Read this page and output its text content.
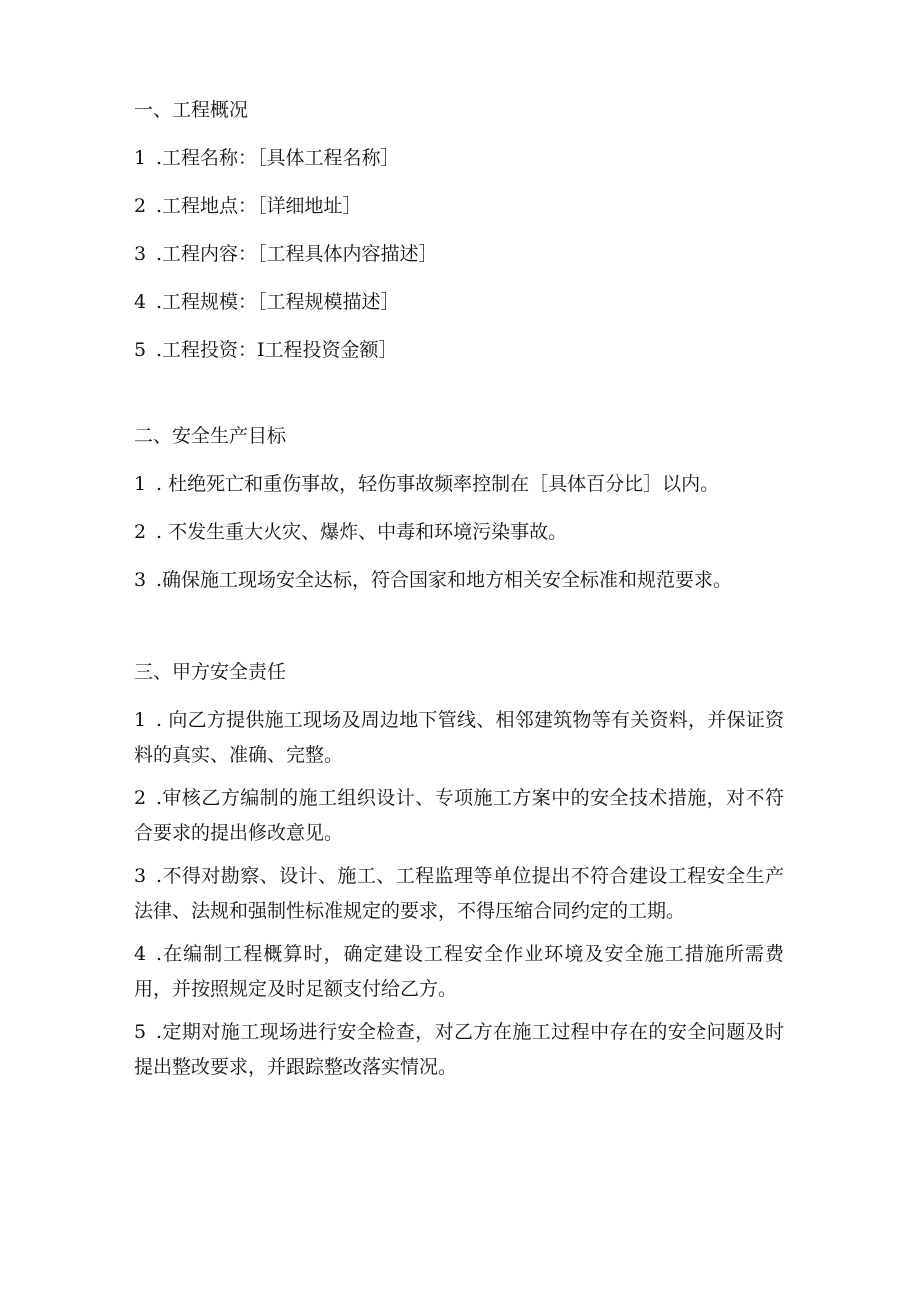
一、工程概况
1 .工程名称：［具体工程名称］
2 .工程地点：［详细地址］
3 .工程内容：［工程具体内容描述］
4 .工程规模：［工程规模描述］
5 .工程投资：I工程投资金额］
二、安全生产目标
1 . 杜绝死亡和重伤事故，轻伤事故频率控制在［具体百分比］以内。
2 . 不发生重大火灾、爆炸、中毒和环境污染事故。
3 .确保施工现场安全达标，符合国家和地方相关安全标准和规范要求。
三、甲方安全责任
1 . 向乙方提供施工现场及周边地下管线、相邻建筑物等有关资料，并保证资料的真实、准确、完整。
2 .审核乙方编制的施工组织设计、专项施工方案中的安全技术措施，对不符合要求的提出修改意见。
3 .不得对勘察、设计、施工、工程监理等单位提出不符合建设工程安全生产法律、法规和强制性标准规定的要求，不得压缩合同约定的工期。
4 .在编制工程概算时，确定建设工程安全作业环境及安全施工措施所需费用，并按照规定及时足额支付给乙方。
5 .定期对施工现场进行安全检查，对乙方在施工过程中存在的安全问题及时提出整改要求，并跟踪整改落实情况。
